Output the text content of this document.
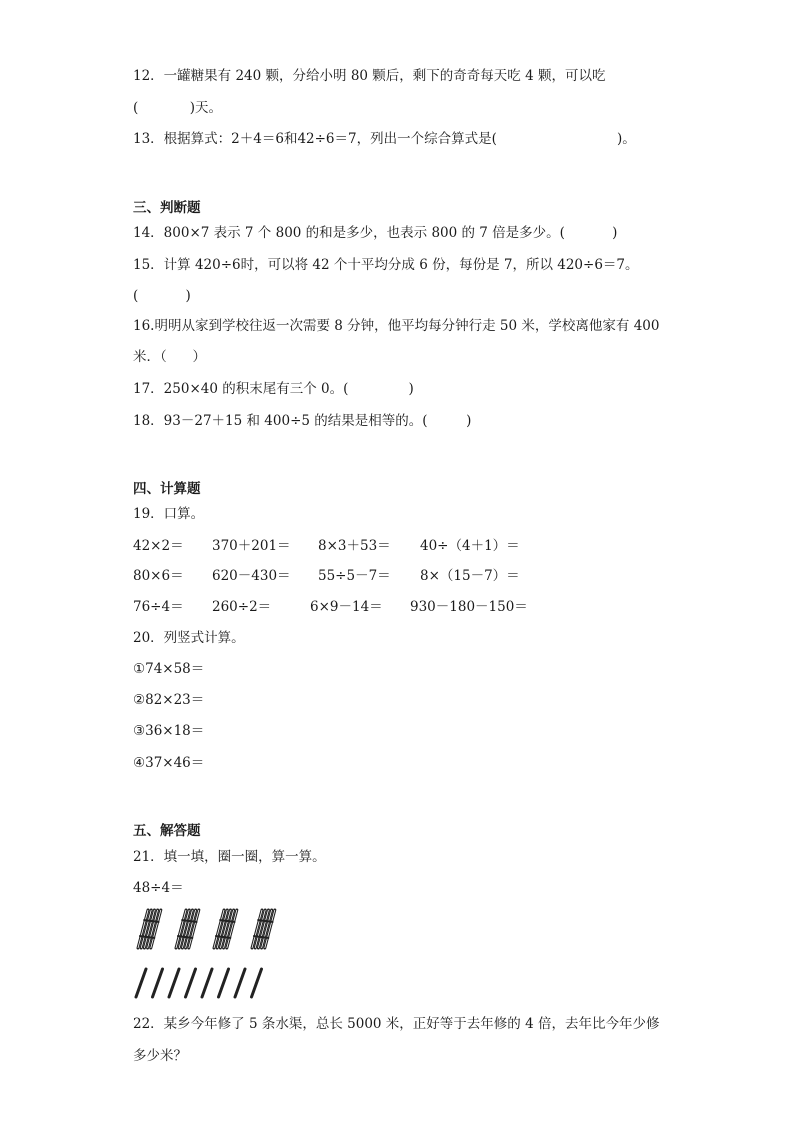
12．一罐糖果有 240 颗，分给小明 80 颗后，剩下的奇奇每天吃 4 颗，可以吃
(            )天。
13．根据算式：2＋4＝6和42÷6＝7，列出一个综合算式是(                            )。
三、判断题
14．800×7 表示 7 个 800 的和是多少，也表示 800 的 7 倍是多少。(           )
15．计算 420÷6时，可以将 42 个十平均分成 6 份，每份是 7，所以 420÷6＝7。
(           )
16.明明从家到学校往返一次需要 8 分钟，他平均每分钟行走 50 米，学校离他家有 400
米．（      ）
17．250×40 的积末尾有三个 0。(              )
18．93－27＋15 和 400÷5 的结果是相等的。(         )
四、计算题
19．口算。
42×2＝ 370＋201＝ 8×3＋53＝ 40÷（4＋1）＝
80×6＝ 620－430＝ 55÷5－7＝ 8×（15－7）＝
76÷4＝ 260÷2＝	6×9－14＝ 930－180－150＝
20．列竖式计算。
①74×58＝
②82×23＝
③36×18＝
④37×46＝
五、解答题
21．填一填，圈一圈，算一算。
48÷4＝
22．某乡今年修了 5 条水渠，总长 5000 米，正好等于去年修的 4 倍，去年比今年少修
多少米？
